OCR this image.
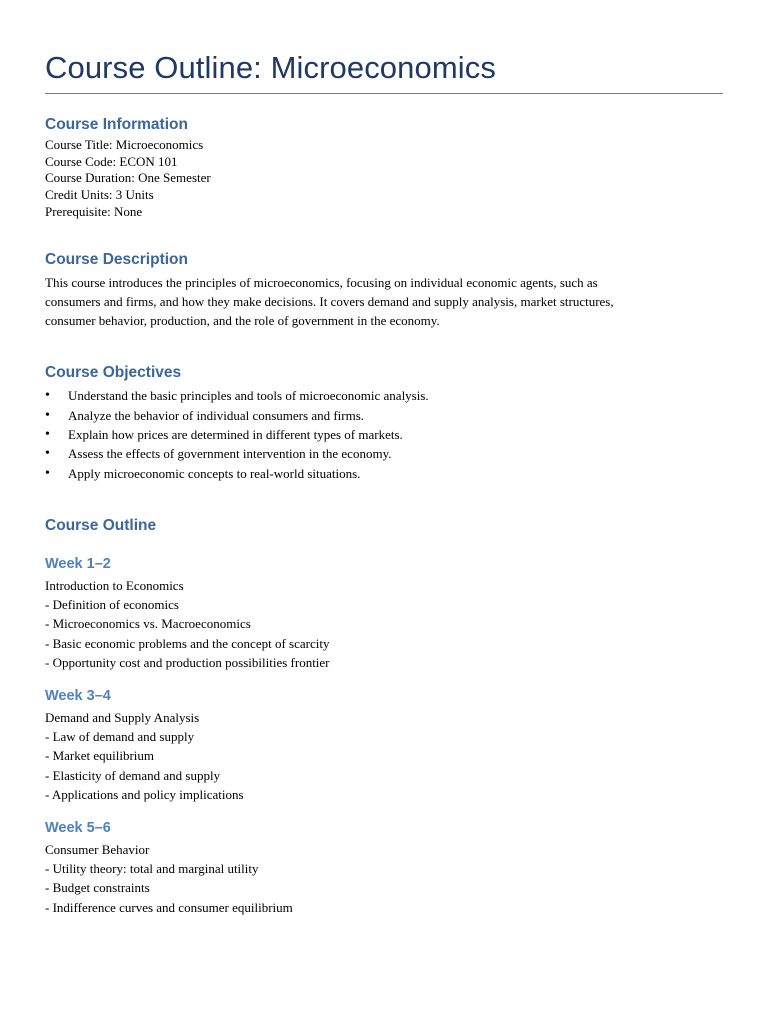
Course Outline: Microeconomics
Course Information

Course Title: Microeconomics

Course Code: ECON 101

Course Duration: One Semester

Credit Units: 3 Units

Prerequisite: None

Course Description

This course introduces the principles of microeconomics, focusing on individual economic agents, such as

consumers and firms, and how they make decisions. It covers demand and supply analysis, market structures,

consumer behavior, production, and the role of government in the economy.

Course Objectives
• Understand the basic principles and tools of microeconomic analysis.
• Analyze the behavior of individual consumers and firms.
• Explain how prices are determined in different types of markets.
• Assess the effects of government intervention in the economy.
• Apply microeconomic concepts to real-world situations.
Course Outline
Week 1–2

Introduction to Economics

- Definition of economics

- Microeconomics vs. Macroeconomics

- Basic economic problems and the concept of scarcity

- Opportunity cost and production possibilities frontier

Week 3–4

Demand and Supply Analysis

- Law of demand and supply

- Market equilibrium

- Elasticity of demand and supply

- Applications and policy implications

Week 5–6

Consumer Behavior

- Utility theory: total and marginal utility

- Budget constraints

- Indifference curves and consumer equilibrium
